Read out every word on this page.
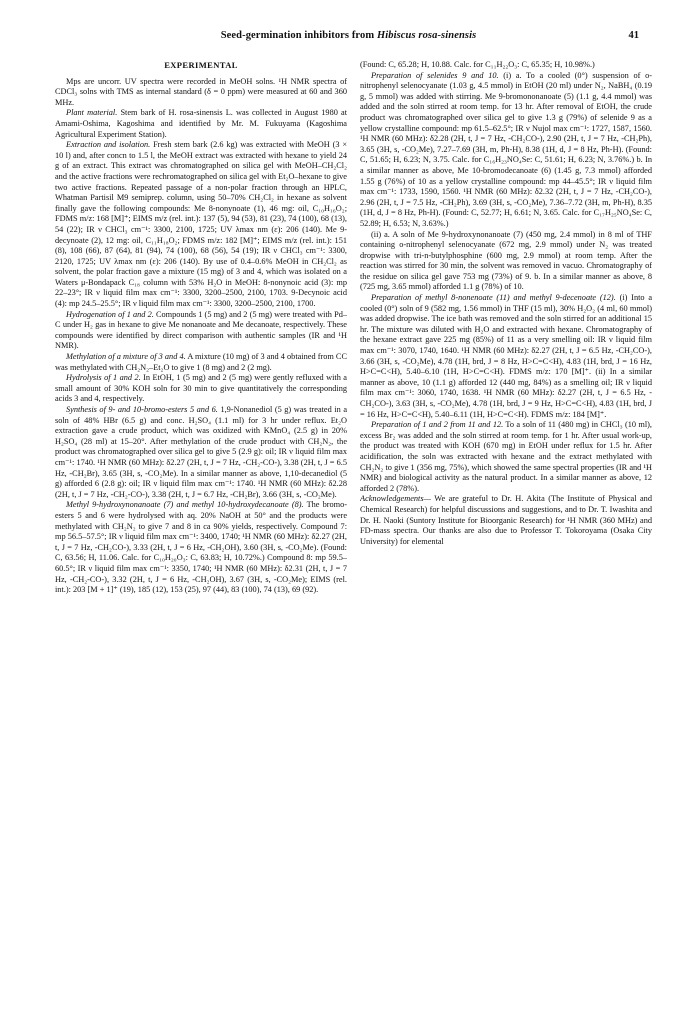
Seed-germination inhibitors from Hibiscus rosa-sinensis	41
EXPERIMENTAL

Mps are uncorr. UV spectra were recorded in MeOH solns. ¹H NMR spectra of CDCl₃ solns with TMS as internal standard (δ = 0 ppm) were measured at 60 and 360 MHz.

Plant material. Stem bark of H. rosa-sinensis L. was collected in August 1980 at Amami-Oshima, Kagoshima and identified by Mr. M. Fukuyama (Kagoshima Agricultural Experiment Station).

Extraction and isolation. Fresh stem bark (2.6 kg) was extracted with MeOH (3 × 10 l) and, after concn to 1.5 l, the MeOH extract was extracted with hexane to yield 24 g of an extract. This extract was chromatographed on silica gel with MeOH–CH₂Cl₂ and the active fractions were rechromatographed on silica gel with Et₂O–hexane to give two active fractions. Repeated passage of a non-polar fraction through an HPLC, Whatman Partisil M9 semiprep. column, using 50–70% CH₂Cl₂ in hexane as solvent finally gave the following compounds: Me 8-nonynoate (1), 46 mg: oil, C₁₀H₁₆O₂; FDMS m/z: 168 [M]⁺; EIMS m/z (rel. int.): 137 (5), 94 (53), 81 (23), 74 (100), 68 (13), 54 (22); IR ν CHCl₃ cm⁻¹: 3300, 2100, 1725; UV λmax nm (ε): 206 (140). Me 9-decynoate (2), 12 mg: oil, C₁₁H₁₈O₂; FDMS m/z: 182 [M]⁺; EIMS m/z (rel. int.): 151 (8), 108 (66), 87 (64), 81 (94), 74 (100), 68 (56), 54 (19); IR ν CHCl₃ cm⁻¹: 3300, 2120, 1725; UV λmax nm (ε): 206 (140). By use of 0.4–0.6% MeOH in CH₂Cl₂ as solvent, the polar fraction gave a mixture (15 mg) of 3 and 4, which was isolated on a Waters μ-Bondapack C₁₈ column with 53% H₂O in MeOH: 8-nonynoic acid (3): mp 22–23°; IR ν liquid film max cm⁻¹: 3300, 3200–2500, 2100, 1703. 9-Decynoic acid (4): mp 24.5–25.5°; IR ν liquid film max cm⁻¹: 3300, 3200–2500, 2100, 1700.

Hydrogenation of 1 and 2. Compounds 1 (5 mg) and 2 (5 mg) were treated with Pd–C under H₂ gas in hexane to give Me nonanoate and Me decanoate, respectively. These compounds were identified by direct comparison with authentic samples (IR and ¹H NMR).

Methylation of a mixture of 3 and 4. A mixture (10 mg) of 3 and 4 obtained from CC was methylated with CH₂N₂–Et₂O to give 1 (8 mg) and 2 (2 mg).

Hydrolysis of 1 and 2. In EtOH, 1 (5 mg) and 2 (5 mg) were gently refluxed with a small amount of 30% KOH soln for 30 min to give quantitatively the corresponding acids 3 and 4, respectively.

Synthesis of 9- and 10-bromo-esters 5 and 6. 1,9-Nonanediol (5 g) was treated in a soln of 48% HBr (6.5 g) and conc. H₂SO₄ (1.1 ml) for 3 hr under reflux. Et₂O extraction gave a crude product, which was oxidized with KMnO₄ (2.5 g) in 20% H₂SO₄ (28 ml) at 15–20°. After methylation of the crude product with CH₂N₂, the product was chromatographed over silica gel to give 5 (2.9 g): oil; IR ν liquid film max cm⁻¹: 1740. ¹H NMR (60 MHz): δ2.27 (2H, t, J = 7 Hz, -CH₂-CO-), 3.38 (2H, t, J = 6.5 Hz, -CH₂Br), 3.65 (3H, s, -CO₂Me). In a similar manner as above, 1,10-decanediol (5 g) afforded 6 (2.8 g): oil; IR ν liquid film max cm⁻¹: 1740. ¹H NMR (60 MHz): δ2.28 (2H, t, J = 7 Hz, -CH₂-CO-), 3.38 (2H, t, J = 6.7 Hz, -CH₂Br), 3.66 (3H, s, -CO₂Me).

Methyl 9-hydroxynonanoate (7) and methyl 10-hydroxydecanoate (8). The bromo-esters 5 and 6 were hydrolysed with aq. 20% NaOH at 50° and the products were methylated with CH₂N₂ to give 7 and 8 in ca 90% yields, respectively. Compound 7: mp 56.5–57.5°; IR ν liquid film max cm⁻¹: 3400, 1740; ¹H NMR (60 MHz): δ2.27 (2H, t, J = 7 Hz, -CH₂CO-), 3.33 (2H, t, J = 6 Hz, -CH₂OH), 3.60 (3H, s, -CO₂Me). (Found: C, 63.56; H, 11.06. Calc. for C₁₀H₂₀O₃: C, 63.83; H, 10.72%.) Compound 8: mp 59.5–60.5°; IR ν liquid film max cm⁻¹: 3350, 1740; ¹H NMR (60 MHz): δ2.31 (2H, t, J = 7 Hz, -CH₂-CO-), 3.32 (2H, t, J = 6 Hz, -CH₂OH), 3.67 (3H, s, -CO₂Me); EIMS (rel. int.): 203 [M + 1]⁺ (19), 185 (12), 153 (25), 97 (44), 83 (100), 74 (13), 69 (92).

(Found: C, 65.28; H, 10.88. Calc. for C₁₁H₂₂O₃: C, 65.35; H, 10.98%.)

Preparation of selenides 9 and 10. (i) a. To a cooled (0°) suspension of o-nitrophenyl selenocyanate (1.03 g, 4.5 mmol) in EtOH (20 ml) under N₂, NaBH₄ (0.19 g, 5 mmol) was added with stirring. Me 9-bromononanoate (5) (1.1 g, 4.4 mmol) was added and the soln stirred at room temp. for 13 hr. After removal of EtOH, the crude product was chromatographed over silica gel to give 1.3 g (79%) of selenide 9 as a yellow crystalline compound: mp 61.5–62.5°; IR ν Nujol max cm⁻¹: 1727, 1587, 1560. ¹H NMR (60 MHz): δ2.28 (2H, t, J = 7 Hz, -CH₂CO-), 2.90 (2H, t, J = 7 Hz, -CH₂Ph), 3.65 (3H, s, -CO₂Me), 7.27–7.69 (3H, m, Ph-H), 8.38 (1H, d, J = 8 Hz, Ph-H). (Found: C, 51.65; H, 6.23; N, 3.75. Calc. for C₁₆H₂₃NO₄Se: C, 51.61; H, 6.23; N, 3.76%.) b. In a similar manner as above, Me 10-bromodecanoate (6) (1.45 g, 7.3 mmol) afforded 1.55 g (76%) of 10 as a yellow crystalline compound: mp 44–45.5°; IR ν liquid film max cm⁻¹: 1733, 1590, 1560. ¹H NMR (60 MHz): δ2.32 (2H, t, J = 7 Hz, -CH₂CO-), 2.96 (2H, t, J = 7.5 Hz, -CH₂Ph), 3.69 (3H, s, -CO₂Me), 7.36–7.72 (3H, m, Ph-H), 8.35 (1H, d, J = 8 Hz, Ph-H). (Found: C, 52.77; H, 6.61; N, 3.65. Calc. for C₁₇H₂₅NO₄Se: C, 52.89; H, 6.53; N, 3.63%.)

(ii) a. A soln of Me 9-hydroxynonanoate (7) (450 mg, 2.4 mmol) in 8 ml of THF containing o-nitrophenyl selenocyanate (672 mg, 2.9 mmol) under N₂ was treated dropwise with tri-n-butylphosphine (600 mg, 2.9 mmol) at room temp. After the reaction was stirred for 30 min, the solvent was removed in vacuo. Chromatography of the residue on silica gel gave 753 mg (73%) of 9. b. In a similar manner as above, 8 (725 mg, 3.65 mmol) afforded 1.1 g (78%) of 10.

Preparation of methyl 8-nonenoate (11) and methyl 9-decenoate (12). (i) Into a cooled (0°) soln of 9 (582 mg, 1.56 mmol) in THF (15 ml), 30% H₂O₂ (4 ml, 60 mmol) was added dropwise. The ice bath was removed and the soln stirred for an additional 15 hr. The mixture was diluted with H₂O and extracted with hexane. Chromatography of the hexane extract gave 225 mg (85%) of 11 as a very smelling oil: IR ν liquid film max cm⁻¹: 3070, 1740, 1640. ¹H NMR (60 MHz): δ2.27 (2H, t, J = 6.5 Hz, -CH₂CO-), 3.66 (3H, s, -CO₂Me), 4.78 (1H, brd, J = 8 Hz, H>C=C<H), 4.83 (1H, brd, J = 16 Hz, H>C=C<H), 5.40–6.10 (1H, H>C=C<H). FDMS m/z: 170 [M]⁺. (ii) In a similar manner as above, 10 (1.1 g) afforded 12 (440 mg, 84%) as a smelling oil; IR ν liquid film max cm⁻¹: 3060, 1740, 1638. ¹H NMR (60 MHz): δ2.27 (2H, t, J = 6.5 Hz, -CH₂CO-), 3.63 (3H, s, -CO₂Me), 4.78 (1H, brd, J = 9 Hz, H>C=C<H), 4.83 (1H, brd, J = 16 Hz, H>C=C<H), 5.40–6.11 (1H, H>C=C<H). FDMS m/z: 184 [M]⁺.

Preparation of 1 and 2 from 11 and 12. To a soln of 11 (480 mg) in CHCl₃ (10 ml), excess Br₂ was added and the soln stirred at room temp. for 1 hr. After usual work-up, the product was treated with KOH (670 mg) in EtOH under reflux for 1.5 hr. After acidification, the soln was extracted with hexane and the extract methylated with CH₂N₂ to give 1 (356 mg, 75%), which showed the same spectral properties (IR and ¹H NMR) and biological activity as the natural product. In a similar manner as above, 12 afforded 2 (78%).

Acknowledgements— We are grateful to Dr. H. Akita (The Institute of Physical and Chemical Research) for helpful discussions and suggestions, and to Dr. T. Iwashita and Dr. H. Naoki (Suntory Institute for Bioorganic Research) for ¹H NMR (360 MHz) and FD-mass spectra. Our thanks are also due to Professor T. Tokoroyama (Osaka City University) for elemental
